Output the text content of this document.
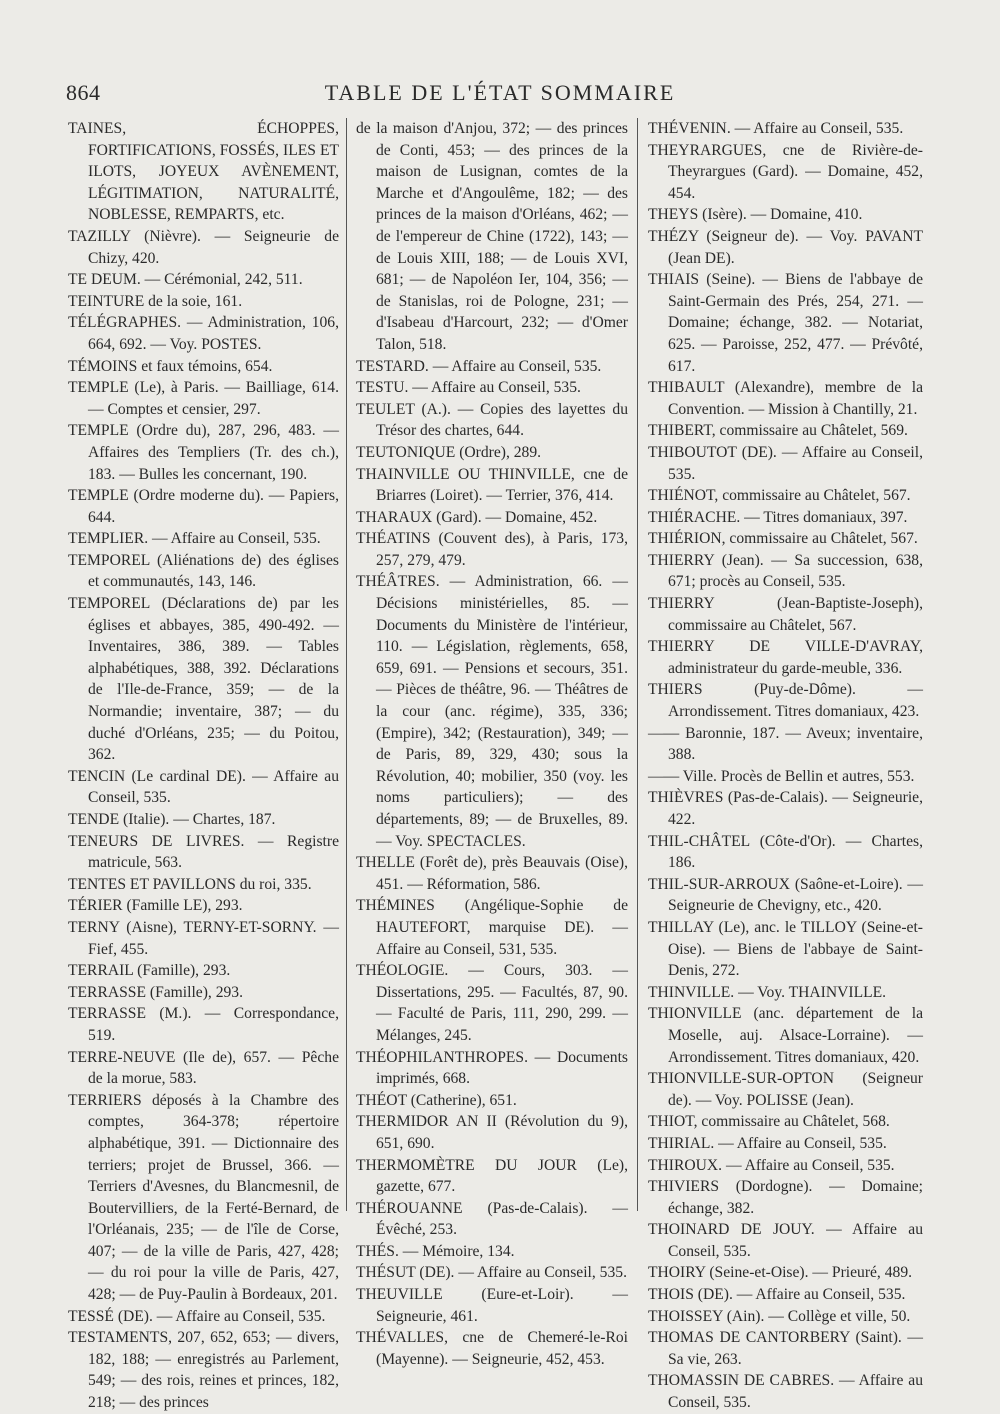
864	TABLE DE L'ÉTAT SOMMAIRE

TAINES, ÉCHOPPES, FORTIFICATIONS, FOSSÉS, ILES ET ILOTS, JOYEUX AVÈNEMENT, LÉGITIMATION, NATURALITÉ, NOBLESSE, REMPARTS, etc.

TAZILLY (Nièvre). — Seigneurie de Chizy, 420.

TE DEUM. — Cérémonial, 242, 511.

TEINTURE de la soie, 161.

TÉLÉGRAPHES. — Administration, 106, 664, 692. — Voy. POSTES.

TÉMOINS et faux témoins, 654.

TEMPLE (Le), à Paris. — Bailliage, 614. — Comptes et censier, 297.

TEMPLE (Ordre du), 287, 296, 483. — Affaires des Templiers (Tr. des ch.), 183. — Bulles les concernant, 190.

TEMPLE (Ordre moderne du). — Papiers, 644.

TEMPLIER. — Affaire au Conseil, 535.

TEMPOREL (Aliénations de) des églises et communautés, 143, 146.

TEMPOREL (Déclarations de) par les églises et abbayes, 385, 490-492. — Inventaires, 386, 389. — Tables alphabétiques, 388, 392. Déclarations de l'Ile-de-France, 359; — de la Normandie; inventaire, 387; — du duché d'Orléans, 235; — du Poitou, 362.

TENCIN (Le cardinal DE). — Affaire au Conseil, 535.

TENDE (Italie). — Chartes, 187.

TENEURS DE LIVRES. — Registre matricule, 563.

TENTES ET PAVILLONS du roi, 335.

TÉRIER (Famille LE), 293.

TERNY (Aisne), TERNY-ET-SORNY. — Fief, 455.

TERRAIL (Famille), 293.

TERRASSE (Famille), 293.

TERRASSE (M.). — Correspondance, 519.

TERRE-NEUVE (Ile de), 657. — Pêche de la morue, 583.

TERRIERS déposés à la Chambre des comptes, 364-378; répertoire alphabétique, 391. — Dictionnaire des terriers; projet de Brussel, 366. — Terriers d'Avesnes, du Blancmesnil, de Boutervilliers, de la Ferté-Bernard, de l'Orléanais, 235; — de l'île de Corse, 407; — de la ville de Paris, 427, 428; — du roi pour la ville de Paris, 427, 428; — de Puy-Paulin à Bordeaux, 201.

TESSÉ (DE). — Affaire au Conseil, 535.

TESTAMENTS, 207, 652, 653; — divers, 182, 188; — enregistrés au Parlement, 549; — des rois, reines et princes, 182, 218; — des princes

de la maison d'Anjou, 372; — des princes de Conti, 453; — des princes de la maison de Lusignan, comtes de la Marche et d'Angoulême, 182; — des princes de la maison d'Orléans, 462; — de l'empereur de Chine (1722), 143; — de Louis XIII, 188; — de Louis XVI, 681; — de Napoléon Ier, 104, 356; — de Stanislas, roi de Pologne, 231; — d'Isabeau d'Harcourt, 232; — d'Omer Talon, 518.

TESTARD. — Affaire au Conseil, 535.

TESTU. — Affaire au Conseil, 535.

TEULET (A.). — Copies des layettes du Trésor des chartes, 644.

TEUTONIQUE (Ordre), 289.

THAINVILLE OU THINVILLE, cne de Briarres (Loiret). — Terrier, 376, 414.

THARAUX (Gard). — Domaine, 452.

THÉATINS (Couvent des), à Paris, 173, 257, 279, 479.

THÉÂTRES. — Administration, 66. — Décisions ministérielles, 85. — Documents du Ministère de l'intérieur, 110. — Législation, règlements, 658, 659, 691. — Pensions et secours, 351. — Pièces de théâtre, 96. — Théâtres de la cour (anc. régime), 335, 336; (Empire), 342; (Restauration), 349; — de Paris, 89, 329, 430; sous la Révolution, 40; mobilier, 350 (voy. les noms particuliers); — des départements, 89; — de Bruxelles, 89. — Voy. SPECTACLES.

THELLE (Forêt de), près Beauvais (Oise), 451. — Réformation, 586.

THÉMINES (Angélique-Sophie de HAUTEFORT, marquise DE). — Affaire au Conseil, 531, 535.

THÉOLOGIE. — Cours, 303. — Dissertations, 295. — Facultés, 87, 90. — Faculté de Paris, 111, 290, 299. — Mélanges, 245.

THÉOPHILANTHROPES. — Documents imprimés, 668.

THÉOT (Catherine), 651.

THERMIDOR AN II (Révolution du 9), 651, 690.

THERMOMÈTRE DU JOUR (Le), gazette, 677.

THÉROUANNE (Pas-de-Calais). — Évêché, 253.

THÉS. — Mémoire, 134.

THÉSUT (DE). — Affaire au Conseil, 535.

THEUVILLE (Eure-et-Loir). — Seigneurie, 461.

THÉVALLES, cne de Chemeré-le-Roi (Mayenne). — Seigneurie, 452, 453.

THÉVENIN. — Affaire au Conseil, 535.

THEYRARGUES, cne de Rivière-de-Theyrargues (Gard). — Domaine, 452, 454.

THEYS (Isère). — Domaine, 410.

THÉZY (Seigneur de). — Voy. PAVANT (Jean DE).

THIAIS (Seine). — Biens de l'abbaye de Saint-Germain des Prés, 254, 271. — Domaine; échange, 382. — Notariat, 625. — Paroisse, 252, 477. — Prévôté, 617.

THIBAULT (Alexandre), membre de la Convention. — Mission à Chantilly, 21.

THIBERT, commissaire au Châtelet, 569.

THIBOUTOT (DE). — Affaire au Conseil, 535.

THIÉNOT, commissaire au Châtelet, 567.

THIÉRACHE. — Titres domaniaux, 397.

THIÉRION, commissaire au Châtelet, 567.

THIERRY (Jean). — Sa succession, 638, 671; procès au Conseil, 535.

THIERRY (Jean-Baptiste-Joseph), commissaire au Châtelet, 567.

THIERRY DE VILLE-D'AVRAY, administrateur du garde-meuble, 336.

THIERS (Puy-de-Dôme). — Arrondissement. Titres domaniaux, 423.

—— Baronnie, 187. — Aveux; inventaire, 388.

—— Ville. Procès de Bellin et autres, 553.

THIÈVRES (Pas-de-Calais). — Seigneurie, 422.

THIL-CHÂTEL (Côte-d'Or). — Chartes, 186.

THIL-SUR-ARROUX (Saône-et-Loire). — Seigneurie de Chevigny, etc., 420.

THILLAY (Le), anc. le TILLOY (Seine-et-Oise). — Biens de l'abbaye de Saint-Denis, 272.

THINVILLE. — Voy. THAINVILLE.

THIONVILLE (anc. département de la Moselle, auj. Alsace-Lorraine). — Arrondissement. Titres domaniaux, 420.

THIONVILLE-SUR-OPTON (Seigneur de). — Voy. POLISSE (Jean).

THIOT, commissaire au Châtelet, 568.

THIRIAL. — Affaire au Conseil, 535.

THIROUX. — Affaire au Conseil, 535.

THIVIERS (Dordogne). — Domaine; échange, 382.

THOINARD DE JOUY. — Affaire au Conseil, 535.

THOIRY (Seine-et-Oise). — Prieuré, 489.

THOIS (DE). — Affaire au Conseil, 535.

THOISSEY (Ain). — Collège et ville, 50.

THOMAS DE CANTORBERY (Saint). — Sa vie, 263.

THOMASSIN DE CABRES. — Affaire au Conseil, 535.
